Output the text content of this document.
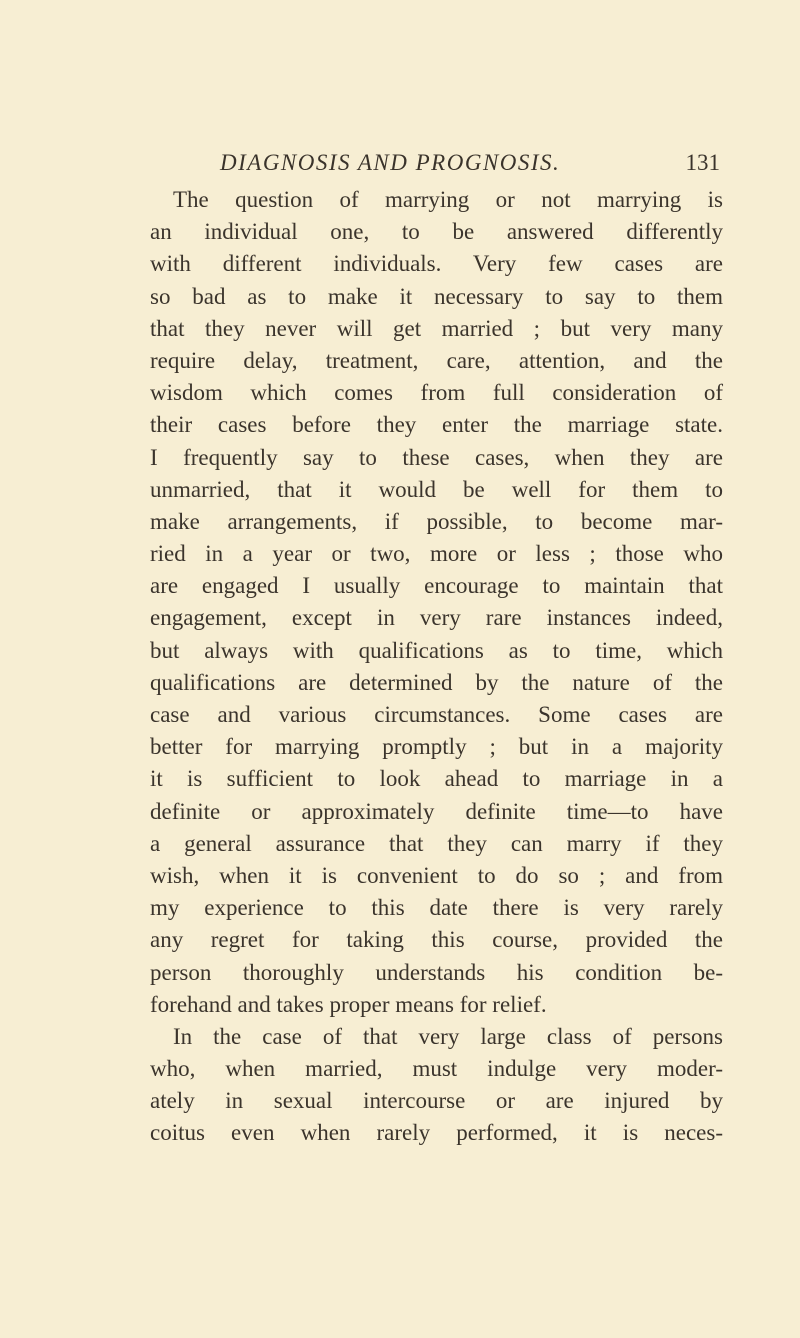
DIAGNOSIS AND PROGNOSIS.	131
The question of marrying or not marrying is
an individual one, to be answered differently
with different individuals. Very few cases are
so bad as to make it necessary to say to them
that they never will get married ; but very many
require delay, treatment, care, attention, and the
wisdom which comes from full consideration of
their cases before they enter the marriage state.
I frequently say to these cases, when they are
unmarried, that it would be well for them to
make arrangements, if possible, to become mar-
ried in a year or two, more or less ; those who
are engaged I usually encourage to maintain that
engagement, except in very rare instances indeed,
but always with qualifications as to time, which
qualifications are determined by the nature of the
case and various circumstances. Some cases are
better for marrying promptly ; but in a majority
it is sufficient to look ahead to marriage in a
definite or approximately definite time—to have
a general assurance that they can marry if they
wish, when it is convenient to do so ; and from
my experience to this date there is very rarely
any regret for taking this course, provided the
person thoroughly understands his condition be-
forehand and takes proper means for relief.
In the case of that very large class of persons
who, when married, must indulge very moder-
ately in sexual intercourse or are injured by
coitus even when rarely performed, it is neces-
